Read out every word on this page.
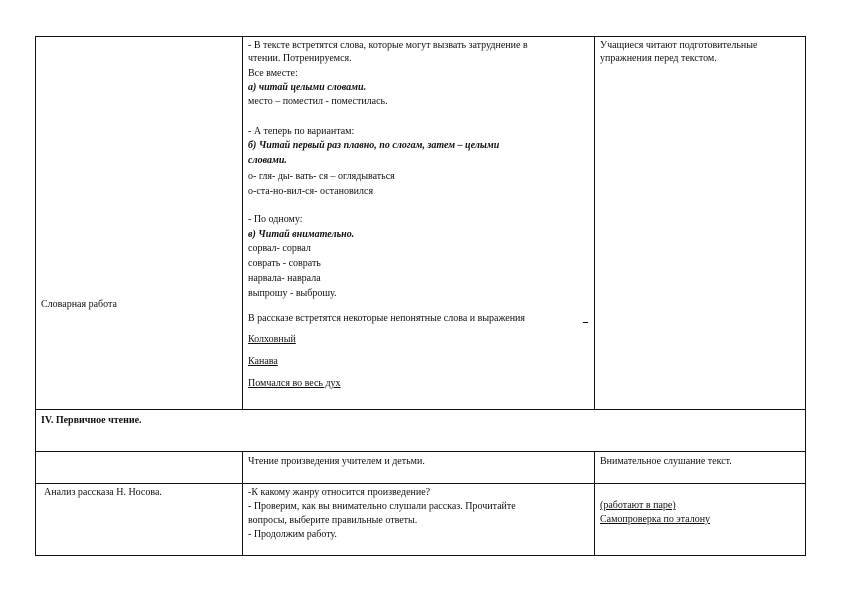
Словарная работа
- В тексте встретятся слова, которые могут вызвать затруднение в
чтении. Потренируемся.
Все вместе:
а) читай целыми словами.
место – поместил - поместилась.
- А теперь по вариантам:
б) Читай первый раз плавно, по слогам, затем – целыми
словами.
о- гля- ды- вать- ся – оглядываться
о-ста-но-вил-ся- остановился
- По одному:
в) Читай внимательно.
сорвал- сорвал
соврать - соврать
нарвала- наврала
выпрошу - выброшу.
В рассказе встретятся некоторые непонятные слова и выражения
Колховный
Канава
Помчался во весь дух
Учащиеся читают подготовительные
упражнения перед текстом.
IV. Первичное чтение.
Чтение произведения учителем и детьми.	Внимательное слушание текст.
Анализ рассказа Н. Носова.	-К какому жанру относится произведение?
- Проверим, как вы внимательно слушали рассказ. Прочитайте
вопросы, выберите правильные ответы.
- Продолжим работу.
(работают в паре)
Самопроверка по эталону
